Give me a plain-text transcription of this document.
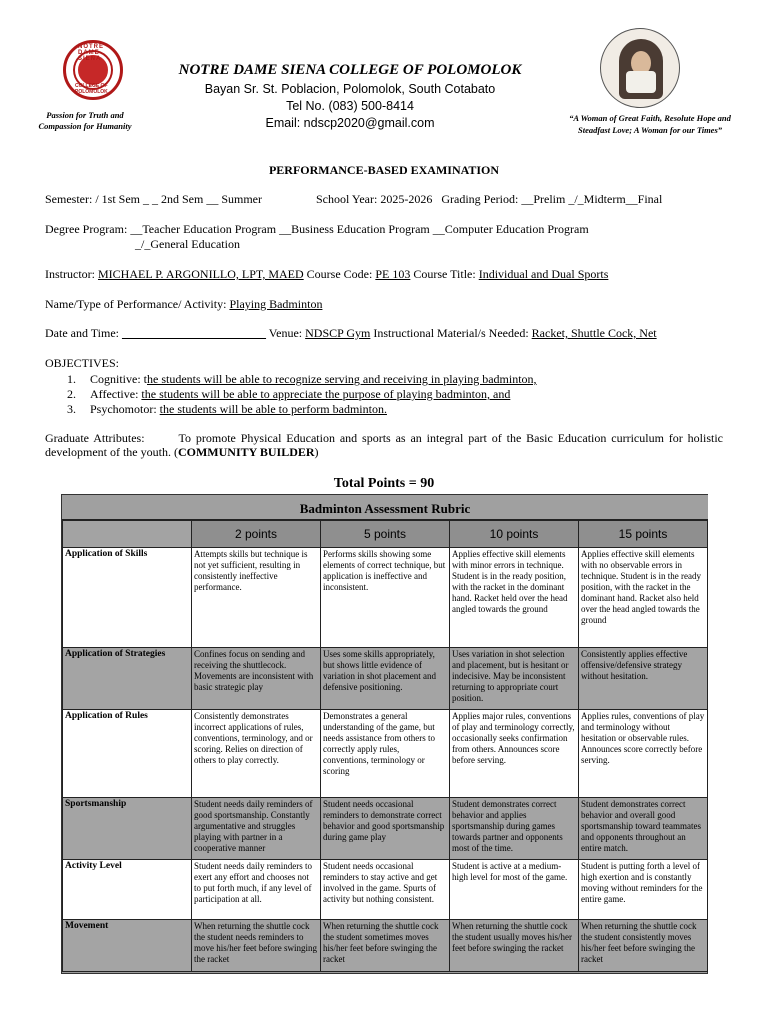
NOTRE DAME SIENA
COLLEGE OF POLOMOLOK
Passion for Truth and Compassion for Humanity
NOTRE DAME SIENA COLLEGE OF POLOMOLOK
Bayan Sr. St. Poblacion, Polomolok, South Cotabato
Tel No. (083) 500-8414
Email: ndscp2020@gmail.com	“A Woman of Great Faith, Resolute Hope and Steadfast Love; A Woman for our Times”
PERFORMANCE-BASED EXAMINATION
Semester: / 1st Sem _ _ 2nd Sem __ Summer	School Year: 2025-2026 Grading Period: __Prelim _/_Midterm__Final
Degree Program: __Teacher Education Program __Business Education Program __Computer Education Program
_/_General Education
Instructor: MICHAEL P. ARGONILLO, LPT, MAED Course Code: PE 103 Course Title: Individual and Dual Sports
Name/Type of Performance/ Activity: Playing Badminton
Date and Time: ________________________ Venue: NDSCP Gym Instructional Material/s Needed: Racket, Shuttle Cock, Net
OBJECTIVES:
1. Cognitive: the students will be able to recognize serving and receiving in playing badminton,
2. Affective: the students will be able to appreciate the purpose of playing badminton, and
3. Psychomotor: the students will be able to perform badminton.
Graduate Attributes:	To promote Physical Education and sports as an integral part of the Basic Education curriculum for holistic development of the youth. (COMMUNITY BUILDER)
Total Points = 90
Badminton Assessment Rubric
	2 points	5 points	10 points	15 points
Application of Skills	Attempts skills but technique is not yet sufficient, resulting in consistently ineffective performance.	Performs skills showing some elements of correct technique, but application is ineffective and inconsistent.	Applies effective skill elements with minor errors in technique. Student is in the ready position, with the racket in the dominant hand. Racket held over the head angled towards the ground	Applies effective skill elements with no observable errors in technique. Student is in the ready position, with the racket in the dominant hand. Racket also held over the head angled towards the ground
Application of Strategies	Confines focus on sending and receiving the shuttlecock. Movements are inconsistent with basic strategic play	Uses some skills appropriately, but shows little evidence of variation in shot placement and defensive positioning.	Uses variation in shot selection and placement, but is hesitant or indecisive. May be inconsistent returning to appropriate court position.	Consistently applies effective offensive/defensive strategy without hesitation.
Application of Rules	Consistently demonstrates incorrect applications of rules, conventions, terminology, and or scoring. Relies on direction of others to play correctly.	Demonstrates a general understanding of the game, but needs assistance from others to correctly apply rules, conventions, terminology or scoring	Applies major rules, conventions of play and terminology correctly, occasionally seeks confirmation from others. Announces score before serving.	Applies rules, conventions of play and terminology without hesitation or observable rules. Announces score correctly before serving.
Sportsmanship	Student needs daily reminders of good sportsmanship. Constantly argumentative and struggles playing with partner in a cooperative manner	Student needs occasional reminders to demonstrate correct behavior and good sportsmanship during game play	Student demonstrates correct behavior and applies sportsmanship during games towards partner and opponents most of the time.	Student demonstrates correct behavior and overall good sportsmanship toward teammates and opponents throughout an entire match.
Activity Level	Student needs daily reminders to exert any effort and chooses not to put forth much, if any level of participation at all.	Student needs occasional reminders to stay active and get involved in the game. Spurts of activity but nothing consistent.	Student is active at a medium-high level for most of the game.	Student is putting forth a level of high exertion and is constantly moving without reminders for the entire game.
Movement	When returning the shuttle cock the student needs reminders to move his/her feet before swinging the racket	When returning the shuttle cock the student sometimes moves his/her feet before swinging the racket	When returning the shuttle cock the student usually moves his/her feet before swinging the racket	When returning the shuttle cock the student consistently moves his/her feet before swinging the racket
